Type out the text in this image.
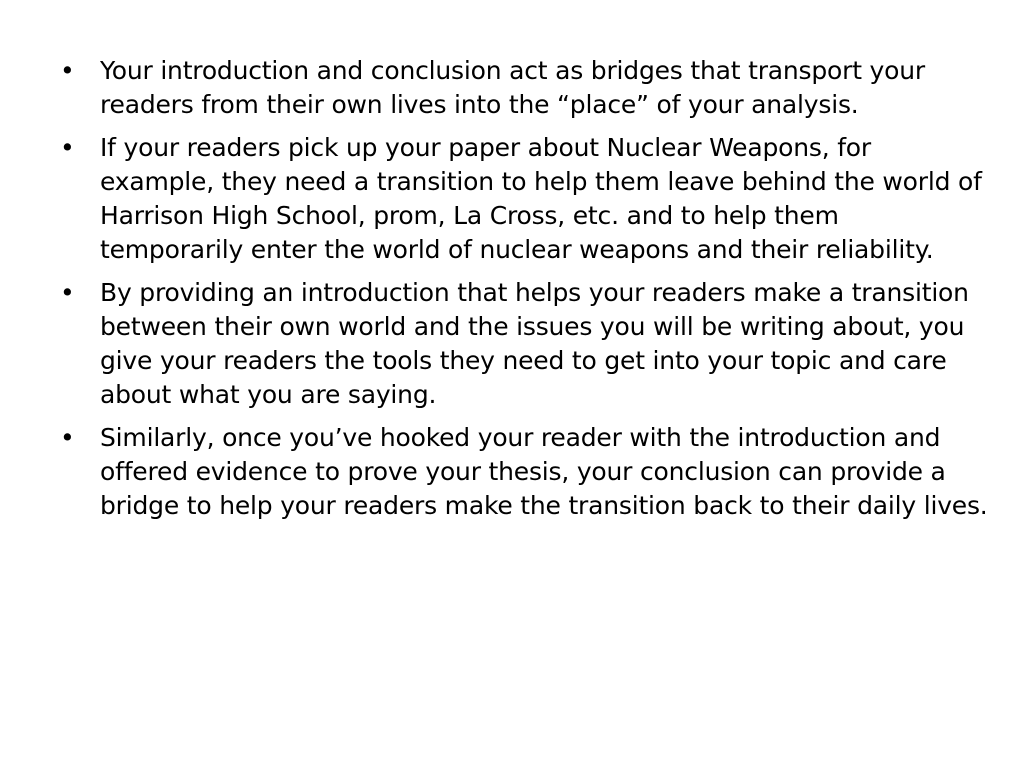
• Your introduction and conclusion act as bridges that transport your readers from their own lives into the “place” of your analysis.
• If your readers pick up your paper about Nuclear Weapons, for example, they need a transition to help them leave behind the world of Harrison High School, prom, La Cross, etc. and to help them temporarily enter the world of nuclear weapons and their reliability.
• By providing an introduction that helps your readers make a transition between their own world and the issues you will be writing about, you give your readers the tools they need to get into your topic and care about what you are saying.
• Similarly, once you’ve hooked your reader with the introduction and offered evidence to prove your thesis, your conclusion can provide a bridge to help your readers make the transition back to their daily lives.
